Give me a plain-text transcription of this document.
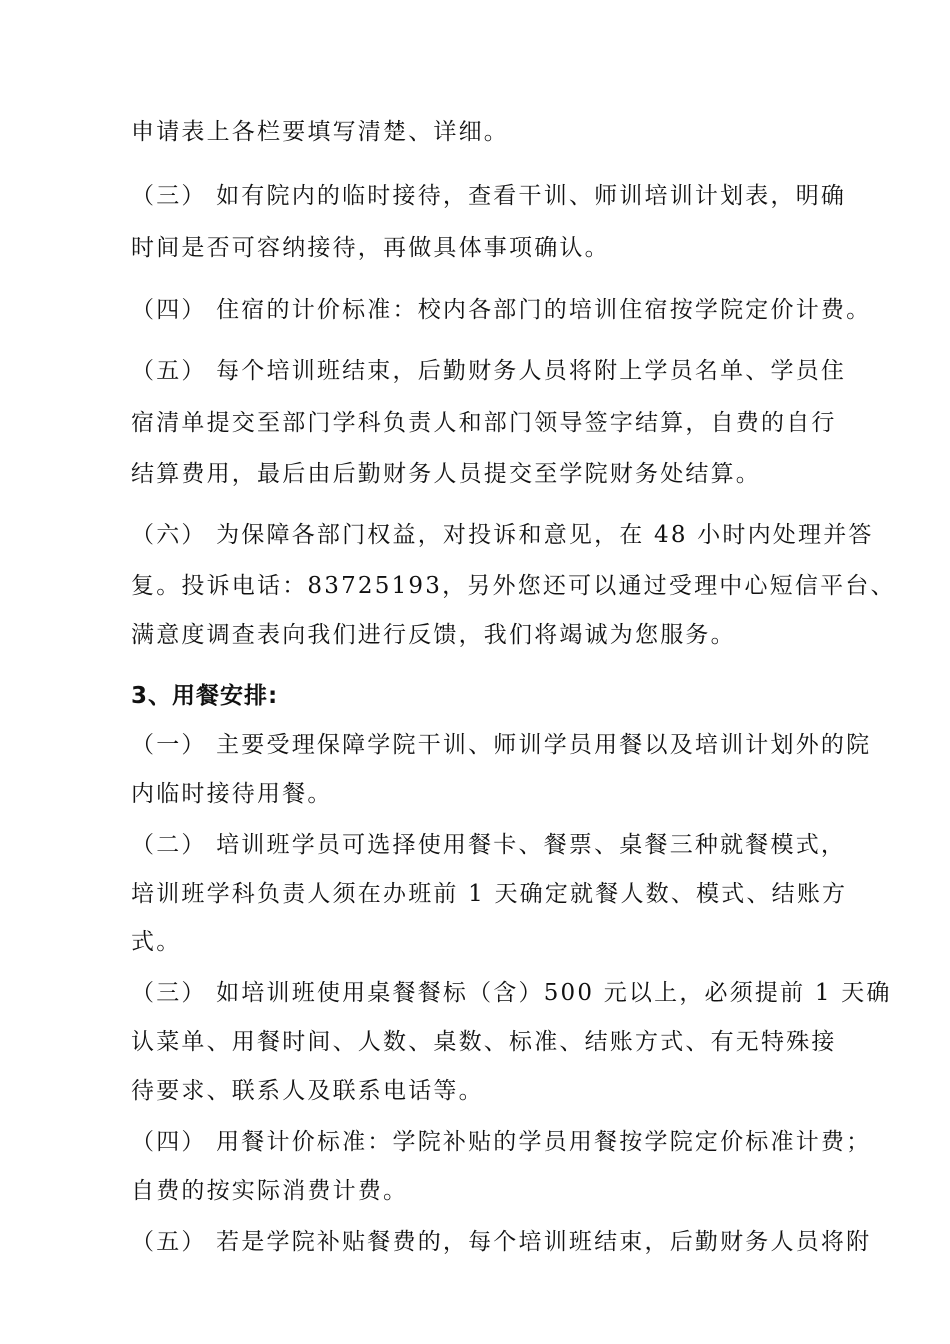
申请表上各栏要填写清楚、详细。
（三） 如有院内的临时接待，查看干训、师训培训计划表，明确
时间是否可容纳接待，再做具体事项确认。
（四） 住宿的计价标准：校内各部门的培训住宿按学院定价计费。
（五） 每个培训班结束，后勤财务人员将附上学员名单、学员住
宿清单提交至部门学科负责人和部门领导签字结算，自费的自行
结算费用，最后由后勤财务人员提交至学院财务处结算。
（六） 为保障各部门权益，对投诉和意见，在 48 小时内处理并答
复。投诉电话：83725193，另外您还可以通过受理中心短信平台、
满意度调查表向我们进行反馈，我们将竭诚为您服务。
3、用餐安排:
（一） 主要受理保障学院干训、师训学员用餐以及培训计划外的院
内临时接待用餐。
（二） 培训班学员可选择使用餐卡、餐票、桌餐三种就餐模式，
培训班学科负责人须在办班前 1 天确定就餐人数、模式、结账方
式。
（三） 如培训班使用桌餐餐标（含）500 元以上，必须提前 1 天确
认菜单、用餐时间、人数、桌数、标准、结账方式、有无特殊接
待要求、联系人及联系电话等。
（四） 用餐计价标准：学院补贴的学员用餐按学院定价标准计费；
自费的按实际消费计费。
（五） 若是学院补贴餐费的，每个培训班结束，后勤财务人员将附
